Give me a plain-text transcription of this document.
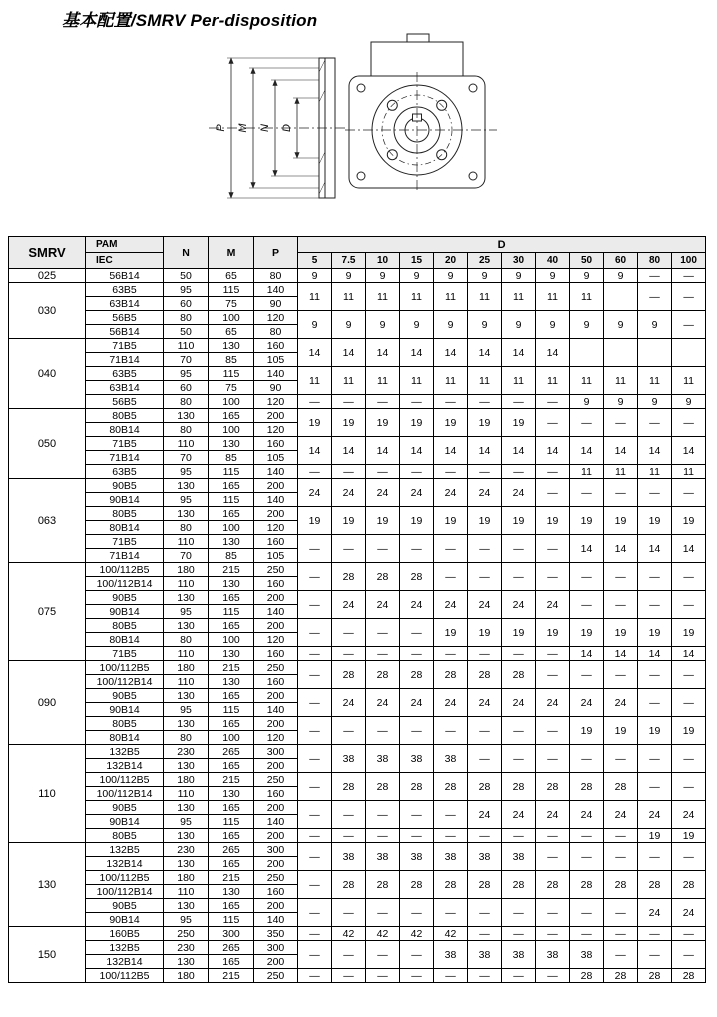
基本配置/SMRV Per-disposition
P M N D
SMRV	PAM	N	M	P	D											
	IEC				5	7.5	10	15	20	25	30	40	50	60	80	100
025	56B14	50	65	80	9	9	9	9	9	9	9	9	9	9	—	—
030	63B5	95	115	140	11	11	11	11	11	11	11	11	11		—	—
	63B14	60	75	90												
	56B5	80	100	120	9	9	9	9	9	9	9	9	9	9	9	—
	56B14	50	65	80												
040	71B5	110	130	160	14	14	14	14	14	14	14	14				
	71B14	70	85	105												
	63B5	95	115	140	11	11	11	11	11	11	11	11	11	11	11	11
	63B14	60	75	90												
	56B5	80	100	120	—	—	—	—	—	—	—	—	9	9	9	9
050	80B5	130	165	200	19	19	19	19	19	19	19	—	—	—	—	—
	80B14	80	100	120												
	71B5	110	130	160	14	14	14	14	14	14	14	14	14	14	14	14
	71B14	70	85	105												
	63B5	95	115	140	—	—	—	—	—	—	—	—	11	11	11	11
063	90B5	130	165	200	24	24	24	24	24	24	24	—	—	—	—	—
	90B14	95	115	140												
	80B5	130	165	200	19	19	19	19	19	19	19	19	19	19	19	19
	80B14	80	100	120												
	71B5	110	130	160	—	—	—	—	—	—	—	—	14	14	14	14
	71B14	70	85	105												
075	100/112B5	180	215	250	—	28	28	28	—	—	—	—	—	—	—	—
	100/112B14	110	130	160												
	90B5	130	165	200	—	24	24	24	24	24	24	24	—	—	—	—
	90B14	95	115	140												
	80B5	130	165	200	—	—	—	—	19	19	19	19	19	19	19	19
	80B14	80	100	120												
	71B5	110	130	160	—	—	—	—	—	—	—	—	14	14	14	14
090	100/112B5	180	215	250	—	28	28	28	28	28	28	—	—	—	—	—
	100/112B14	110	130	160												
	90B5	130	165	200	—	24	24	24	24	24	24	24	24	24	—	—
	90B14	95	115	140												
	80B5	130	165	200	—	—	—	—	—	—	—	—	19	19	19	19
	80B14	80	100	120												
110	132B5	230	265	300	—	38	38	38	38	—	—	—	—	—	—	—
	132B14	130	165	200												
	100/112B5	180	215	250	—	28	28	28	28	28	28	28	28	28	—	—
	100/112B14	110	130	160												
	90B5	130	165	200	—	—	—	—	—	24	24	24	24	24	24	24
	90B14	95	115	140												
	80B5	130	165	200	—	—	—	—	—	—	—	—	—	—	19	19
130	132B5	230	265	300	—	38	38	38	38	38	38	—	—	—	—	—
	132B14	130	165	200												
	100/112B5	180	215	250	—	28	28	28	28	28	28	28	28	28	28	28
	100/112B14	110	130	160												
	90B5	130	165	200	—	—	—	—	—	—	—	—	—	—	24	24
	90B14	95	115	140												
150	160B5	250	300	350	—	42	42	42	42	—	—	—	—	—	—	—
	132B5	230	265	300	—	—	—	—	38	38	38	38	38	—	—	—
	132B14	130	165	200												
	100/112B5	180	215	250	—	—	—	—	—	—	—	—	28	28	28	28
